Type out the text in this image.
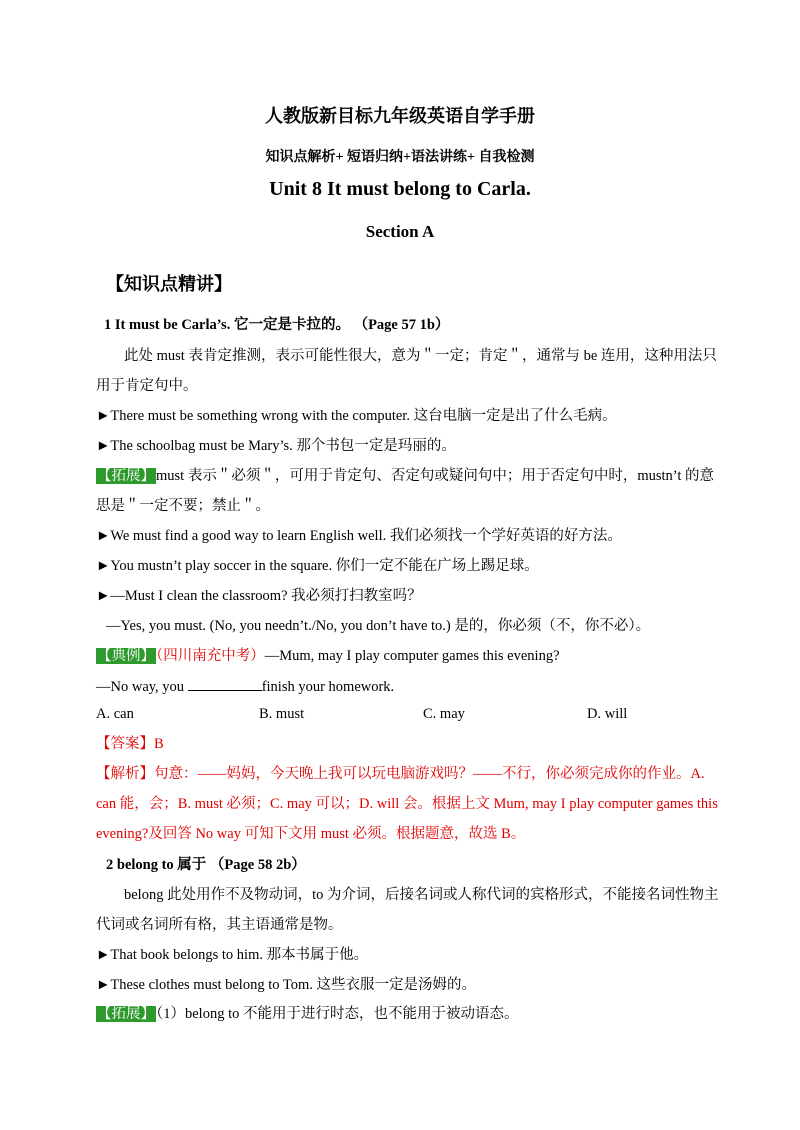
人教版新目标九年级英语自学手册
知识点解析+ 短语归纳+语法讲练+ 自我检测
Unit 8 It must belong to Carla.
Section A
【知识点精讲】
1 It must be Carla’s. 它一定是卡拉的。 （Page 57 1b）
此处 must 表肯定推测，表示可能性很大，意为＂一定；肯定＂，通常与 be 连用，这种用法只
用于肯定句中。
►There must be something wrong with the computer. 这台电脑一定是出了什么毛病。
►The schoolbag must be Mary’s. 那个书包一定是玛丽的。
【拓展】must 表示＂必须＂，可用于肯定句、否定句或疑问句中；用于否定句中时，mustn’t 的意
思是＂一定不要；禁止＂。
►We must find a good way to learn English well. 我们必须找一个学好英语的好方法。
►You mustn’t play soccer in the square. 你们一定不能在广场上踢足球。
►—Must I clean the classroom? 我必须打扫教室吗？
—Yes, you must. (No, you needn’t./No, you don’t have to.) 是的，你必须（不，你不必）。
【典例】（四川南充中考）—Mum, may I play computer games this evening?
—No way, you	finish your homework.
A. can	B. must	C. may	D. will
【答案】B
【解析】句意：——妈妈，今天晚上我可以玩电脑游戏吗？——不行，你必须完成你的作业。A.
can 能，会；B. must 必须；C. may 可以；D. will 会。根据上文 Mum, may I play computer games this
evening?及回答 No way 可知下文用 must 必须。根据题意，故选 B。
2 belong to 属于 （Page 58 2b）
belong 此处用作不及物动词，to 为介词，后接名词或人称代词的宾格形式，不能接名词性物主
代词或名词所有格，其主语通常是物。
►That book belongs to him. 那本书属于他。
►These clothes must belong to Tom. 这些衣服一定是汤姆的。
【拓展】（1）belong to 不能用于进行时态，也不能用于被动语态。
